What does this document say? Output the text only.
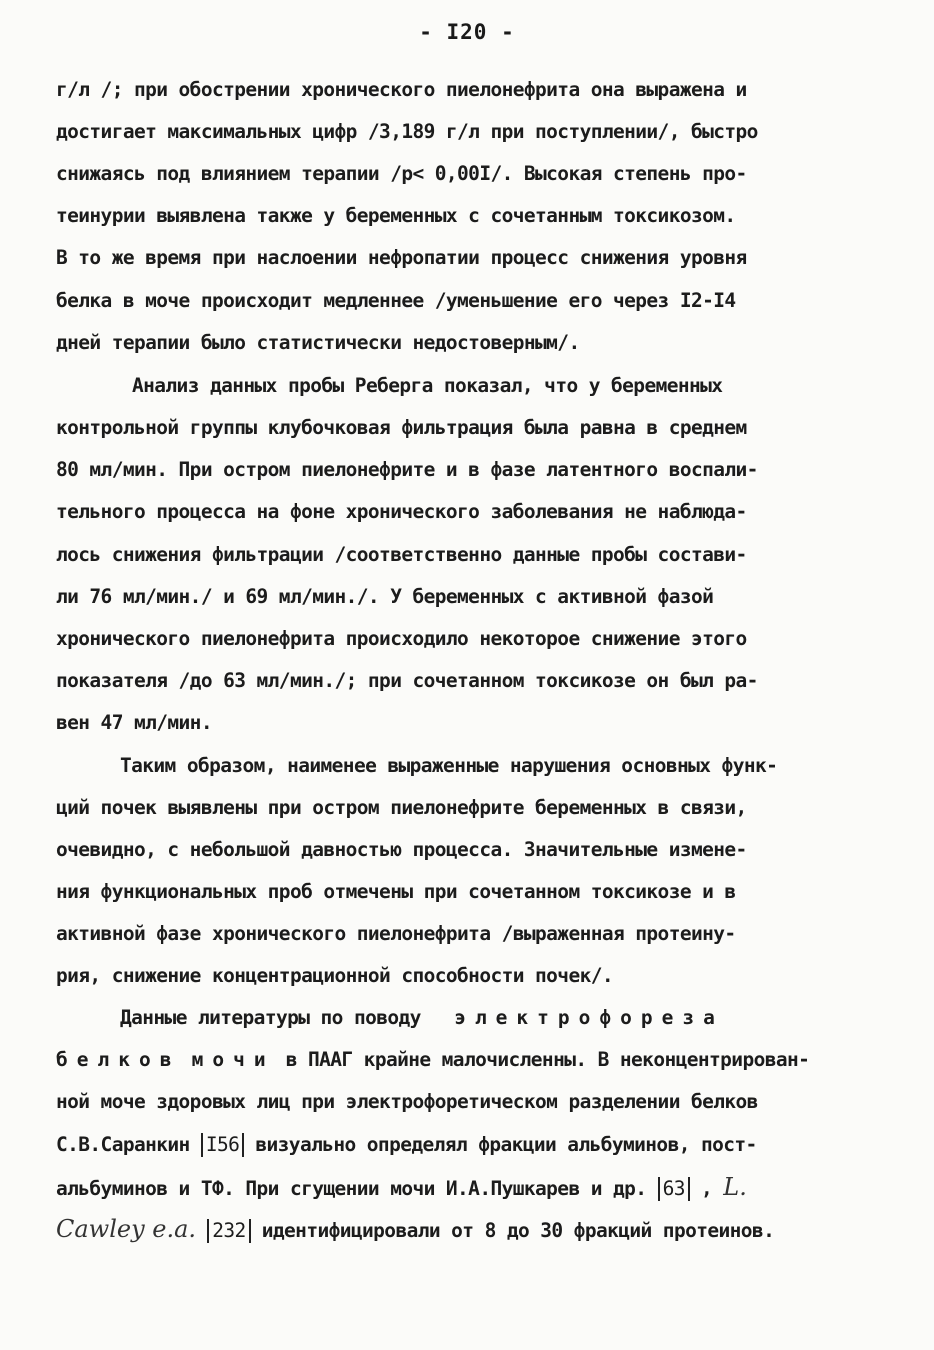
- I20 -
г/л /; при обострении хронического пиелонефрита она выражена и
достигает максимальных цифр /3,189 г/л при поступлении/, быстро
снижаясь под влиянием терапии /р< 0,00I/. Высокая степень про-
теинурии выявлена также у беременных с сочетанным токсикозом.
В то же время при наслоении нефропатии процесс снижения уровня
белка в моче происходит медленнее /уменьшение его через I2-I4
дней терапии было статистически недостоверным/.
Анализ данных пробы Реберга показал, что у беременных
контрольной группы клубочковая фильтрация была равна в среднем
80 мл/мин. При остром пиелонефрите и в фазе латентного воспали-
тельного процесса на фоне хронического заболевания не наблюда-
лось снижения фильтрации /соответственно данные пробы состави-
ли 76 мл/мин./ и 69 мл/мин./. У беременных с активной фазой
хронического пиелонефрита происходило некоторое снижение этого
показателя /до 63 мл/мин./; при сочетанном токсикозе он был ра-
вен 47 мл/мин.
Таким образом, наименее выраженные нарушения основных функ-
ций почек выявлены при остром пиелонефрите беременных в связи,
очевидно, с небольшой давностью процесса. Значительные измене-
ния функциональных проб отмечены при сочетанном токсикозе и в
активной фазе хронического пиелонефрита /выраженная протеину-
рия, снижение концентрационной способности почек/.
Данные литературы по поводу электрофореза
белков мочи в ПААГ крайне малочисленны. В неконцентрирован-
ной моче здоровых лиц при электрофоретическом разделении белков
С.В.Саранкин I56 визуально определял фракции альбуминов, пост-
альбуминов и ТФ. При сгущении мочи И.А.Пушкарев и др. 63 , L.
Cawley e.a. 232 идентифицировали от 8 до 30 фракций протеинов.
